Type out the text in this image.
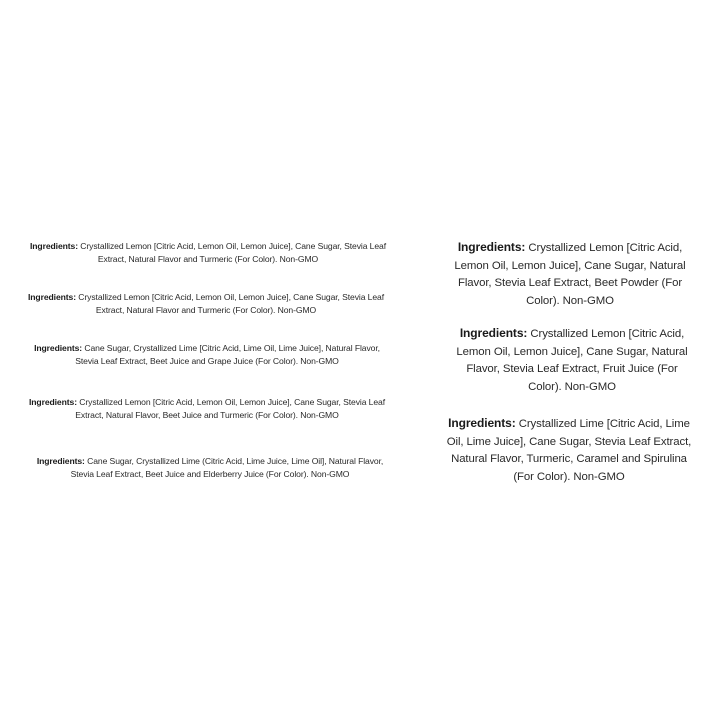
Ingredients: Crystallized Lemon [Citric Acid, Lemon Oil, Lemon Juice], Cane Sugar, Stevia Leaf Extract, Natural Flavor and Turmeric (For Color). Non-GMO
Ingredients: Crystallized Lemon [Citric Acid, Lemon Oil, Lemon Juice], Cane Sugar, Stevia Leaf Extract, Natural Flavor and Turmeric (For Color). Non-GMO
Ingredients: Cane Sugar, Crystallized Lime [Citric Acid, Lime Oil, Lime Juice], Natural Flavor, Stevia Leaf Extract, Beet Juice and Grape Juice (For Color). Non-GMO
Ingredients: Crystallized Lemon [Citric Acid, Lemon Oil, Lemon Juice], Cane Sugar, Stevia Leaf Extract, Natural Flavor, Beet Juice and Turmeric (For Color). Non-GMO
Ingredients: Cane Sugar, Crystallized Lime (Citric Acid, Lime Juice, Lime Oil], Natural Flavor, Stevia Leaf Extract, Beet Juice and Elderberry Juice (For Color). Non-GMO
Ingredients: Crystallized Lemon [Citric Acid, Lemon Oil, Lemon Juice], Cane Sugar, Natural Flavor, Stevia Leaf Extract, Beet Powder (For Color). Non-GMO
Ingredients: Crystallized Lemon [Citric Acid, Lemon Oil, Lemon Juice], Cane Sugar, Natural Flavor, Stevia Leaf Extract, Fruit Juice (For Color). Non-GMO
Ingredients: Crystallized Lime [Citric Acid, Lime Oil, Lime Juice], Cane Sugar, Stevia Leaf Extract, Natural Flavor, Turmeric, Caramel and Spirulina (For Color). Non-GMO
